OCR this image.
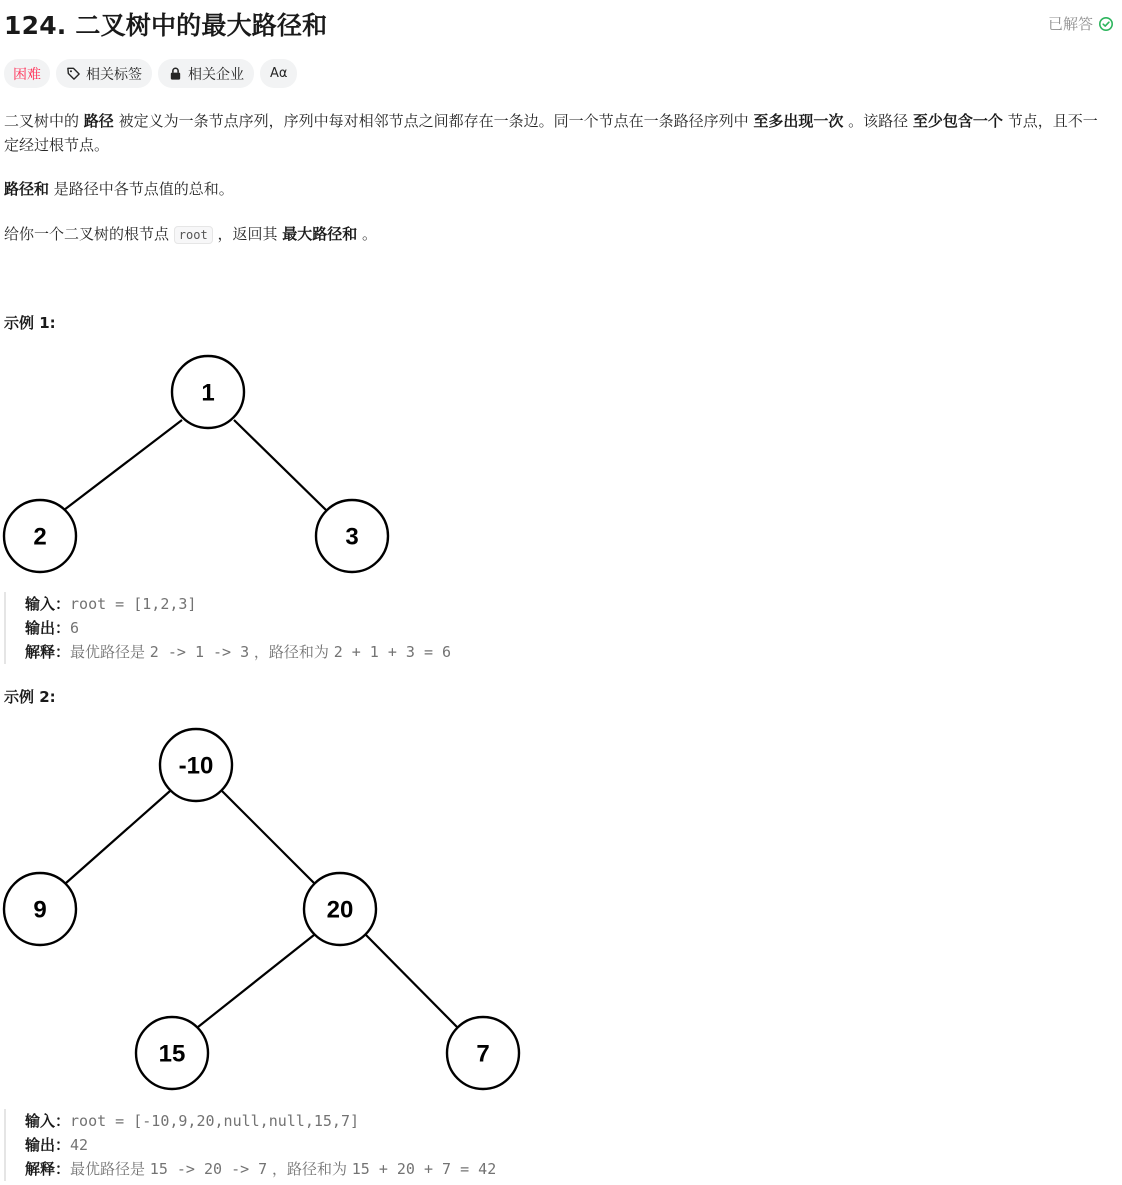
124. 二叉树中的最大路径和	已解答
困难	相关标签	相关企业 Aα
二叉树中的 路径 被定义为一条节点序列，序列中每对相邻节点之间都存在一条边。同一个节点在一条路径序列中 至多出现一次 。该路径 至少包含一个 节点，且不一定经过根节点。
路径和 是路径中各节点值的总和。
给你一个二叉树的根节点 root ，返回其 最大路径和 。
示例 1:
1
2	3
输入：root = [1,2,3]
输出：6
解释：最优路径是 2 -> 1 -> 3 ，路径和为 2 + 1 + 3 = 6
示例 2:
-10
9	20
15	7
输入：root = [-10,9,20,null,null,15,7]
输出：42
解释：最优路径是 15 -> 20 -> 7 ，路径和为 15 + 20 + 7 = 42
